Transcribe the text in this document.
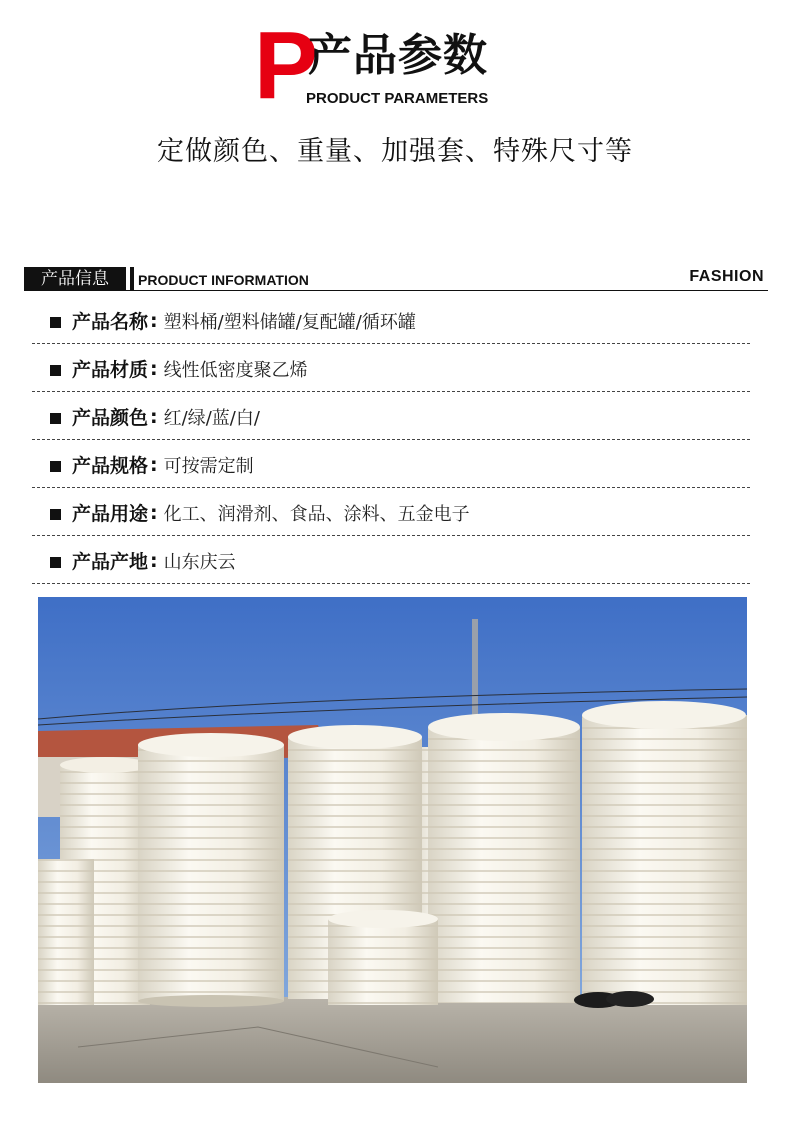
P
产品参数
PRODUCT PARAMETERS
定做颜色、重量、加强套、特殊尺寸等
产品信息	PRODUCT INFORMATION	FASHION
产品名称 : 塑料桶/塑料储罐/复配罐/循环罐
产品材质 : 线性低密度聚乙烯
产品颜色 : 红/绿/蓝/白/
产品规格 : 可按需定制
产品用途 : 化工、润滑剂、食品、涂料、五金电子
产品产地 : 山东庆云
